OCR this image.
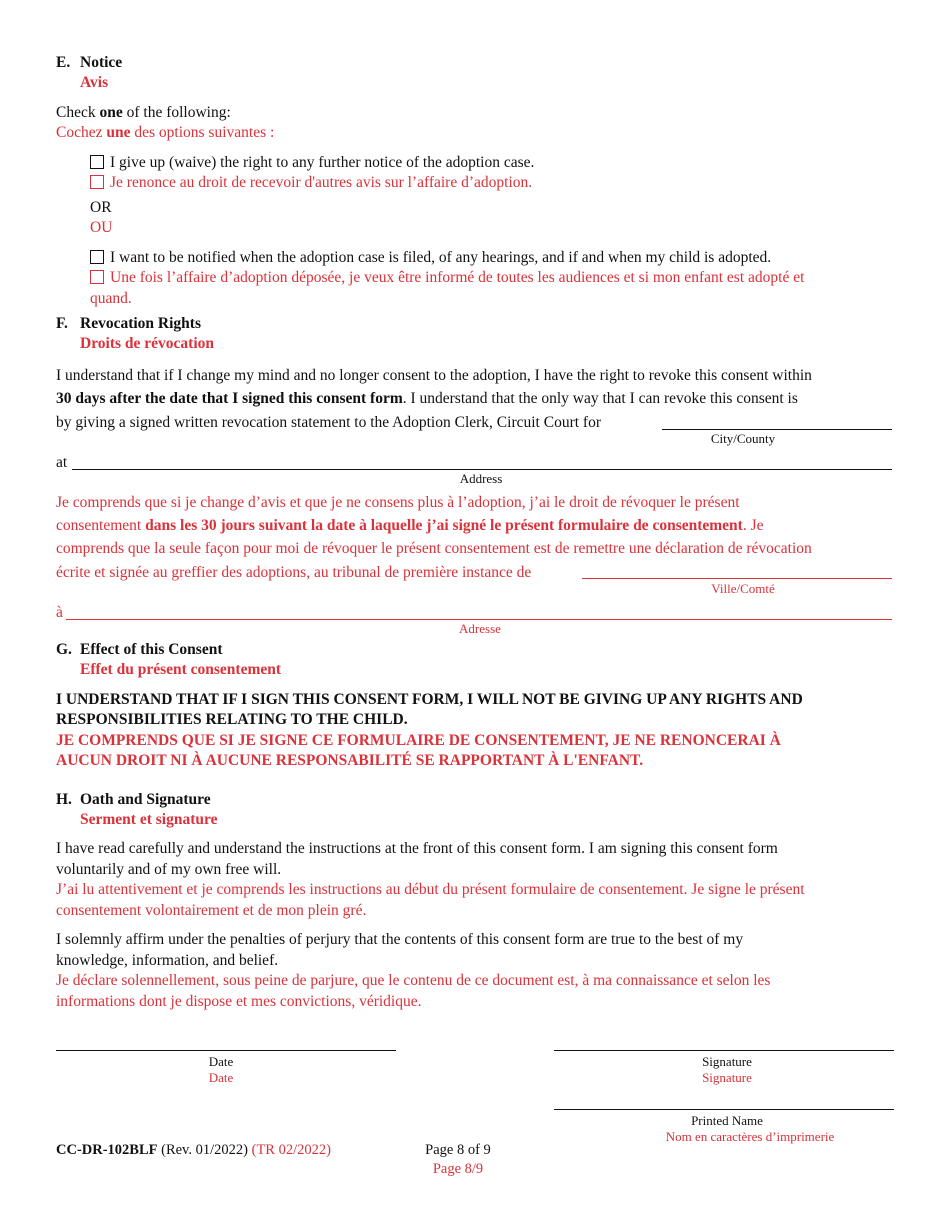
E. Notice
Avis
Check one of the following:
Cochez une des options suivantes :
I give up (waive) the right to any further notice of the adoption case.
Je renonce au droit de recevoir d'autres avis sur l’affaire d’adoption.
OR
OU
I want to be notified when the adoption case is filed, of any hearings, and if and when my child is adopted.
Une fois l’affaire d’adoption déposée, je veux être informé de toutes les audiences et si mon enfant est adopté et
quand.
F. Revocation Rights
Droits de révocation
I understand that if I change my mind and no longer consent to the adoption, I have the right to revoke this consent within
30 days after the date that I signed this consent form. I understand that the only way that I can revoke this consent is
by giving a signed written revocation statement to the Adoption Clerk, Circuit Court for
City/County
at
Address
Je comprends que si je change d’avis et que je ne consens plus à l’adoption, j’ai le droit de révoquer le présent
consentement dans les 30 jours suivant la date à laquelle j’ai signé le présent formulaire de consentement. Je
comprends que la seule façon pour moi de révoquer le présent consentement est de remettre une déclaration de révocation
écrite et signée au greffier des adoptions, au tribunal de première instance de
Ville/Comté
à
Adresse
G. Effect of this Consent
Effet du présent consentement
I UNDERSTAND THAT IF I SIGN THIS CONSENT FORM, I WILL NOT BE GIVING UP ANY RIGHTS AND
RESPONSIBILITIES RELATING TO THE CHILD.
JE COMPRENDS QUE SI JE SIGNE CE FORMULAIRE DE CONSENTEMENT, JE NE RENONCERAI À
AUCUN DROIT NI À AUCUNE RESPONSABILITÉ SE RAPPORTANT À L'ENFANT.
H. Oath and Signature
Serment et signature
I have read carefully and understand the instructions at the front of this consent form. I am signing this consent form
voluntarily and of my own free will.
J’ai lu attentivement et je comprends les instructions au début du présent formulaire de consentement. Je signe le présent
consentement volontairement et de mon plein gré.
I solemnly affirm under the penalties of perjury that the contents of this consent form are true to the best of my
knowledge, information, and belief.
Je déclare solennellement, sous peine de parjure, que le contenu de ce document est, à ma connaissance et selon les
informations dont je dispose et mes convictions, véridique.
Date
Date
Signature
Signature
Printed Name
Nom en caractères d’imprimerie
CC-DR-102BLF (Rev. 01/2022) (TR 02/2022)	Page 8 of 9
Page 8/9
